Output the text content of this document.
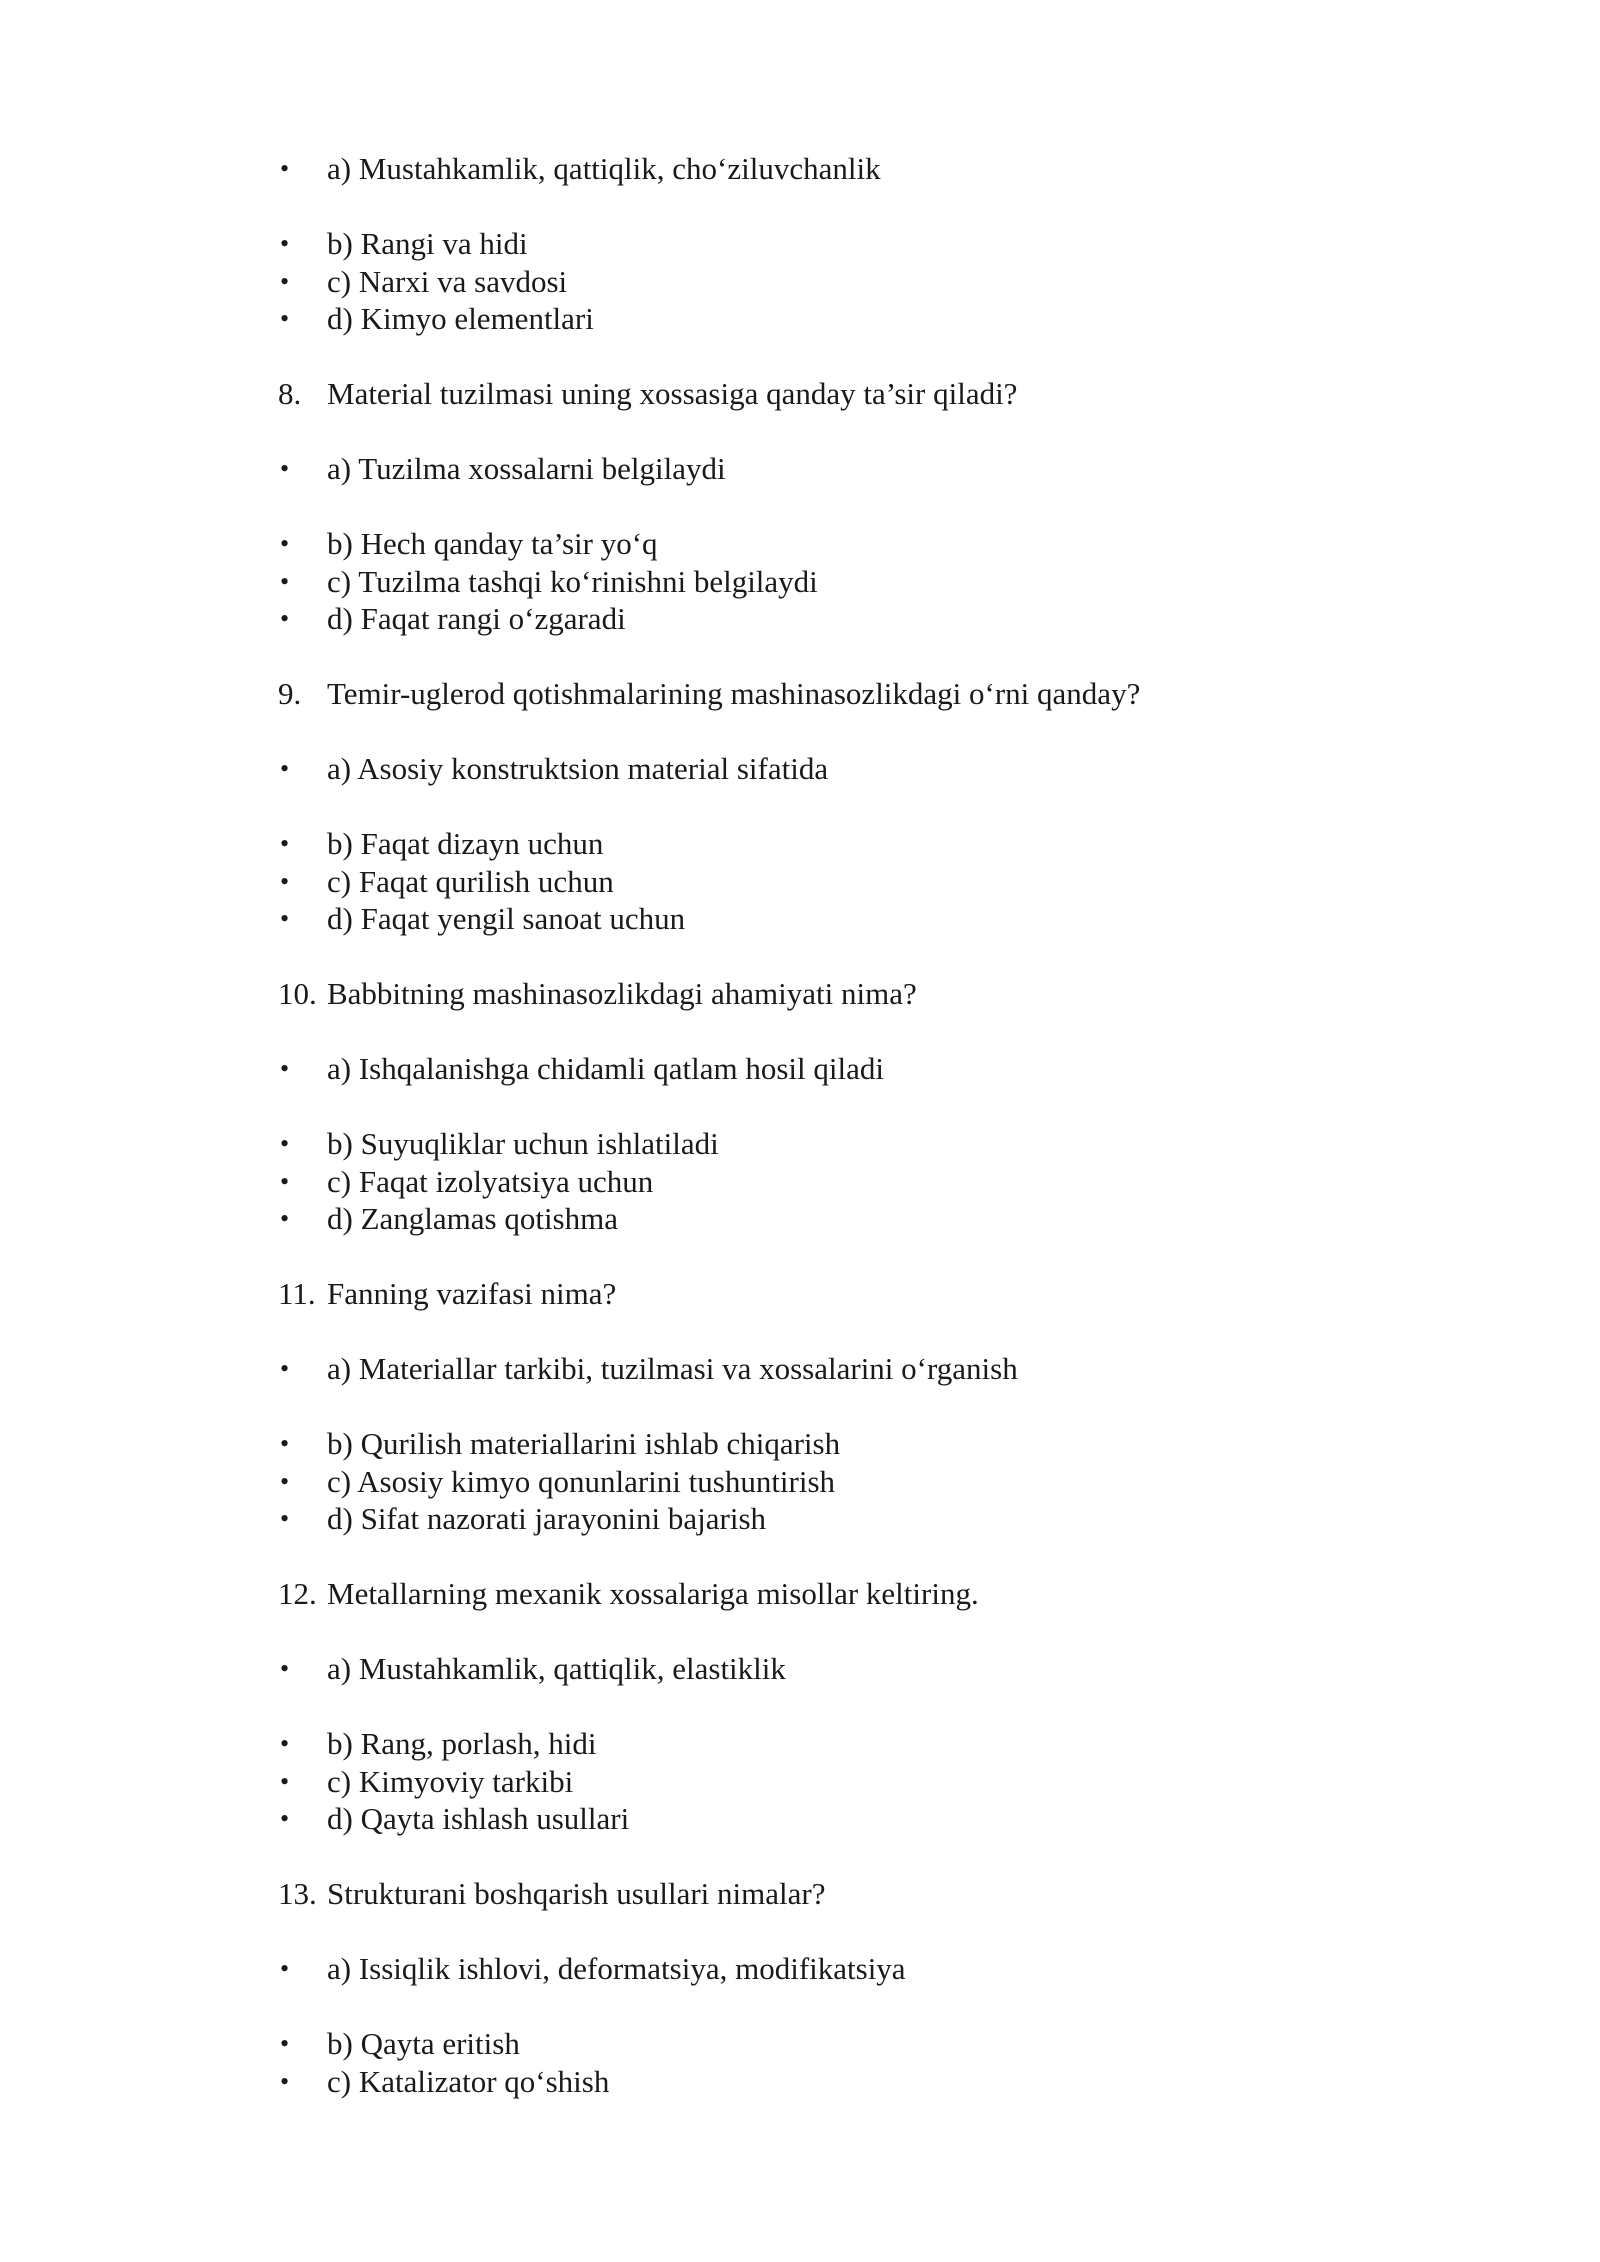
•	a) Mustahkamlik, qattiqlik, cho‘ziluvchanlik
•	b) Rangi va hidi
•	c) Narxi va savdosi
•	d) Kimyo elementlari
8. Material tuzilmasi uning xossasiga qanday ta’sir qiladi?
•	a) Tuzilma xossalarni belgilaydi
•	b) Hech qanday ta’sir yo‘q
•	c) Tuzilma tashqi ko‘rinishni belgilaydi
•	d) Faqat rangi o‘zgaradi
9. Temir-uglerod qotishmalarining mashinasozlikdagi o‘rni qanday?
•	a) Asosiy konstruktsion material sifatida
•	b) Faqat dizayn uchun
•	c) Faqat qurilish uchun
•	d) Faqat yengil sanoat uchun
10. Babbitning mashinasozlikdagi ahamiyati nima?
•	a) Ishqalanishga chidamli qatlam hosil qiladi
•	b) Suyuqliklar uchun ishlatiladi
•	c) Faqat izolyatsiya uchun
•	d) Zanglamas qotishma
11. Fanning vazifasi nima?
•	a) Materiallar tarkibi, tuzilmasi va xossalarini o‘rganish
•	b) Qurilish materiallarini ishlab chiqarish
•	c) Asosiy kimyo qonunlarini tushuntirish
•	d) Sifat nazorati jarayonini bajarish
12. Metallarning mexanik xossalariga misollar keltiring.
•	a) Mustahkamlik, qattiqlik, elastiklik
•	b) Rang, porlash, hidi
•	c) Kimyoviy tarkibi
•	d) Qayta ishlash usullari
13. Strukturani boshqarish usullari nimalar?
•	a) Issiqlik ishlovi, deformatsiya, modifikatsiya
•	b) Qayta eritish
•	c) Katalizator qo‘shish
